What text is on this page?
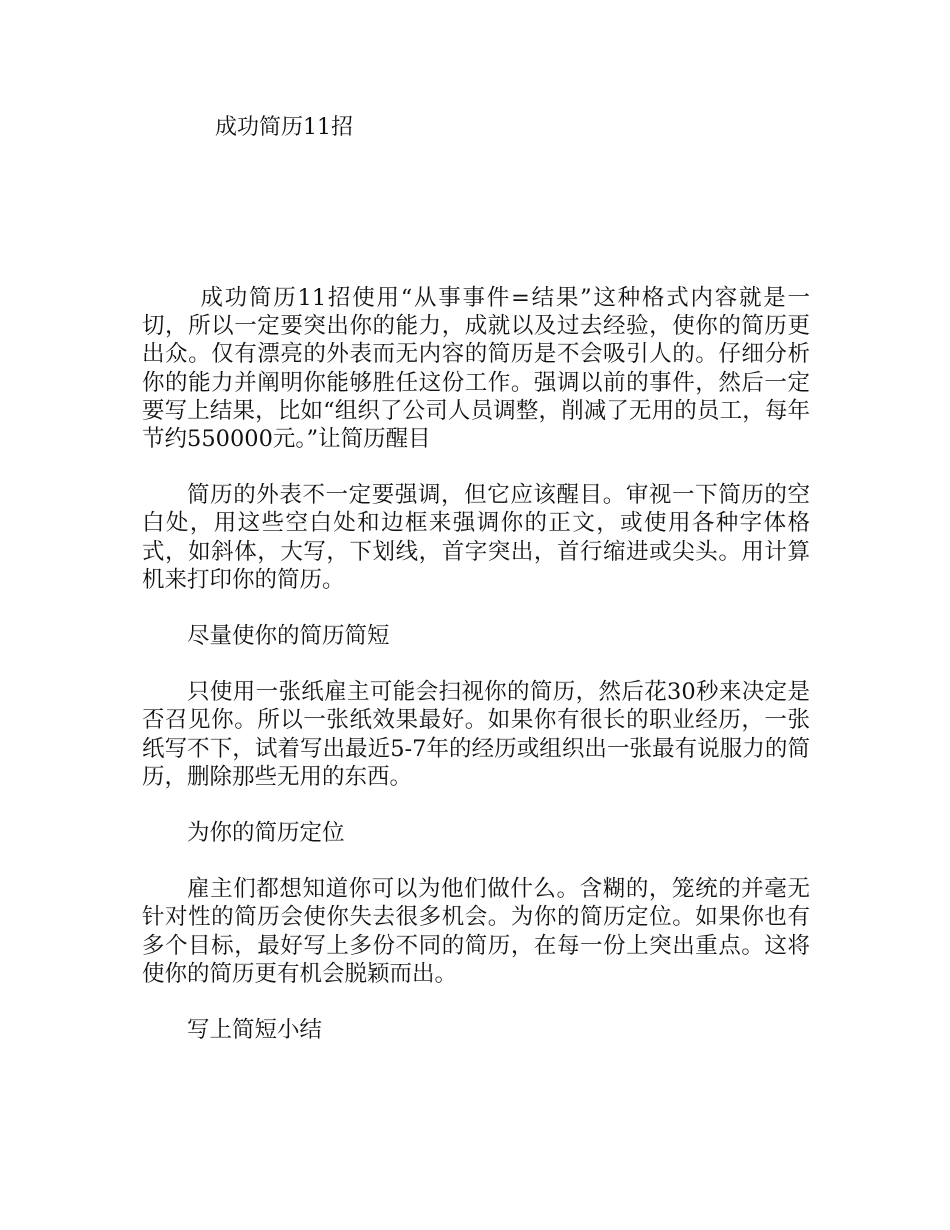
成功简历11招

成功简历11招使用“从事事件=结果”这种格式内容就是一切，所以一定要突出你的能力，成就以及过去经验，使你的简历更出众。仅有漂亮的外表而无内容的简历是不会吸引人的。仔细分析你的能力并阐明你能够胜任这份工作。强调以前的事件，然后一定要写上结果，比如“组织了公司人员调整，削减了无用的员工，每年节约550000元。”让简历醒目

简历的外表不一定要强调，但它应该醒目。审视一下简历的空白处，用这些空白处和边框来强调你的正文，或使用各种字体格式，如斜体，大写，下划线，首字突出，首行缩进或尖头。用计算机来打印你的简历。

尽量使你的简历简短

只使用一张纸雇主可能会扫视你的简历，然后花30秒来决定是否召见你。所以一张纸效果最好。如果你有很长的职业经历，一张纸写不下，试着写出最近5-7年的经历或组织出一张最有说服力的简历，删除那些无用的东西。

为你的简历定位

雇主们都想知道你可以为他们做什么。含糊的，笼统的并毫无针对性的简历会使你失去很多机会。为你的简历定位。如果你也有多个目标，最好写上多份不同的简历，在每一份上突出重点。这将使你的简历更有机会脱颖而出。

写上简短小结
